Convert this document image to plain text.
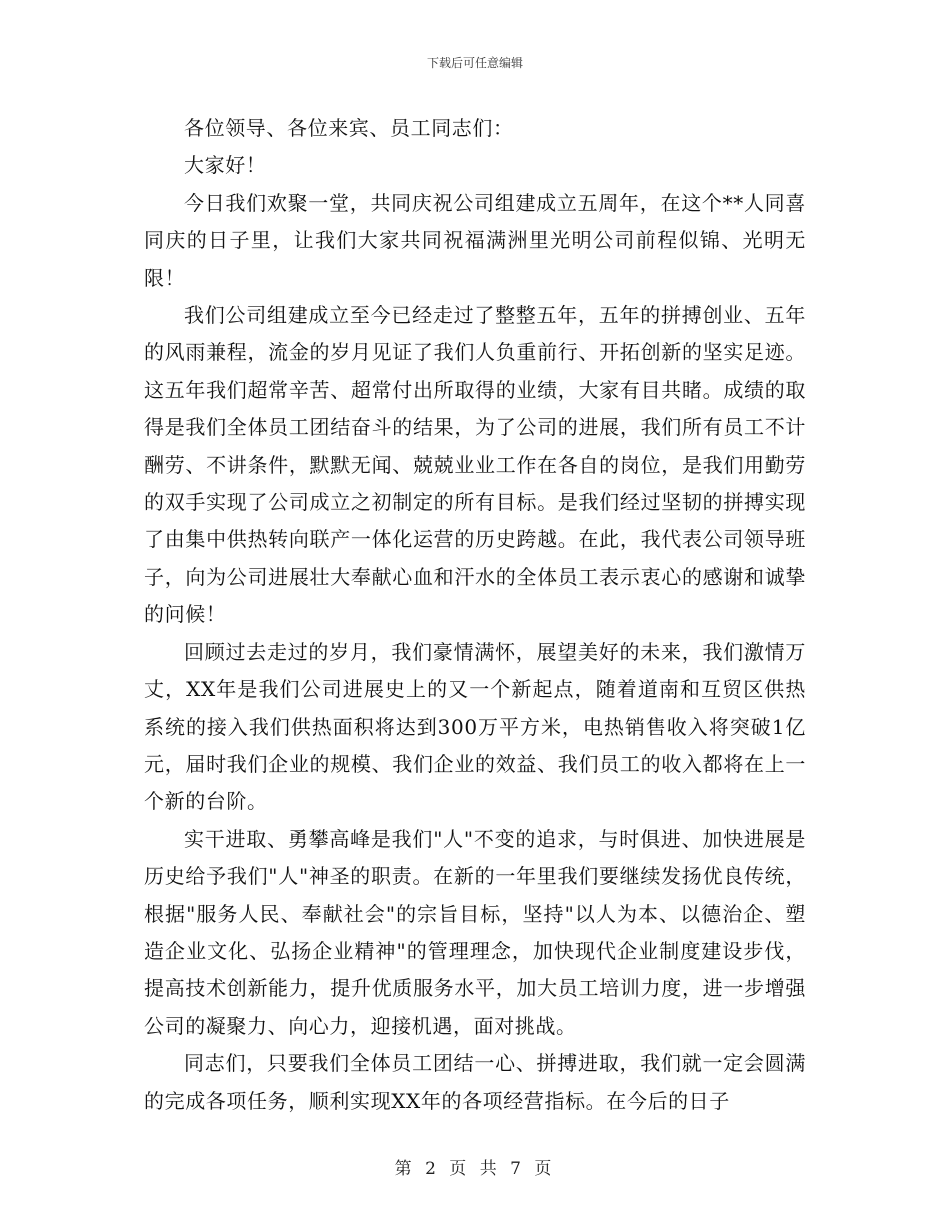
下载后可任意编辑

各位领导、各位来宾、员工同志们：

大家好！

今日我们欢聚一堂，共同庆祝公司组建成立五周年，在这个**人同喜同庆的日子里，让我们大家共同祝福满洲里光明公司前程似锦、光明无限！

我们公司组建成立至今已经走过了整整五年，五年的拼搏创业、五年的风雨兼程，流金的岁月见证了我们人负重前行、开拓创新的坚实足迹。这五年我们超常辛苦、超常付出所取得的业绩，大家有目共睹。成绩的取得是我们全体员工团结奋斗的结果，为了公司的进展，我们所有员工不计酬劳、不讲条件，默默无闻、兢兢业业工作在各自的岗位，是我们用勤劳的双手实现了公司成立之初制定的所有目标。是我们经过坚韧的拼搏实现了由集中供热转向联产一体化运营的历史跨越。在此，我代表公司领导班子，向为公司进展壮大奉献心血和汗水的全体员工表示衷心的感谢和诚挚的问候！

回顾过去走过的岁月，我们豪情满怀，展望美好的未来，我们激情万丈，XX年是我们公司进展史上的又一个新起点，随着道南和互贸区供热系统的接入我们供热面积将达到300万平方米，电热销售收入将突破1亿元，届时我们企业的规模、我们企业的效益、我们员工的收入都将在上一个新的台阶。

实干进取、勇攀高峰是我们"人"不变的追求，与时俱进、加快进展是历史给予我们"人"神圣的职责。在新的一年里我们要继续发扬优良传统，根据"服务人民、奉献社会"的宗旨目标，坚持"以人为本、以德治企、塑造企业文化、弘扬企业精神"的管理理念，加快现代企业制度建设步伐，提高技术创新能力，提升优质服务水平，加大员工培训力度，进一步增强公司的凝聚力、向心力，迎接机遇，面对挑战。

同志们，只要我们全体员工团结一心、拼搏进取，我们就一定会圆满的完成各项任务，顺利实现XX年的各项经营指标。在今后的日子

第 2 页 共 7 页
